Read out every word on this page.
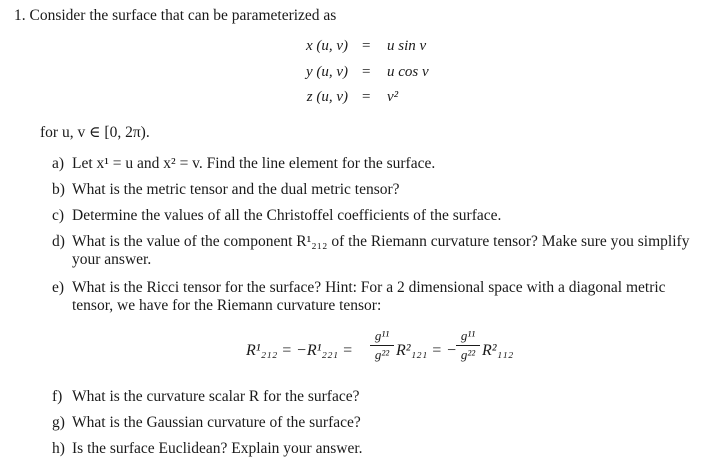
1. Consider the surface that can be parameterized as
x (u, v) = u sin v
y (u, v) = u cos v
z (u, v) = v²
for u, v ∈ [0, 2π).
a) Let x¹ = u and x² = v. Find the line element for the surface.
b) What is the metric tensor and the dual metric tensor?
c) Determine the values of all the Christoffel coefficients of the surface.
d) What is the value of the component R¹₂₁₂ of the Riemann curvature tensor? Make sure you simplify your answer.
e) What is the Ricci tensor for the surface? Hint: For a 2 dimensional space with a diagonal metric tensor, we have for the Riemann curvature tensor:
R¹₂₁₂ = −R¹₂₂₁ =
g¹¹
g²² R²₁₂₁ = −
g¹¹
g²² R²₁₁₂
f) What is the curvature scalar R for the surface?
g) What is the Gaussian curvature of the surface?
h) Is the surface Euclidean? Explain your answer.
